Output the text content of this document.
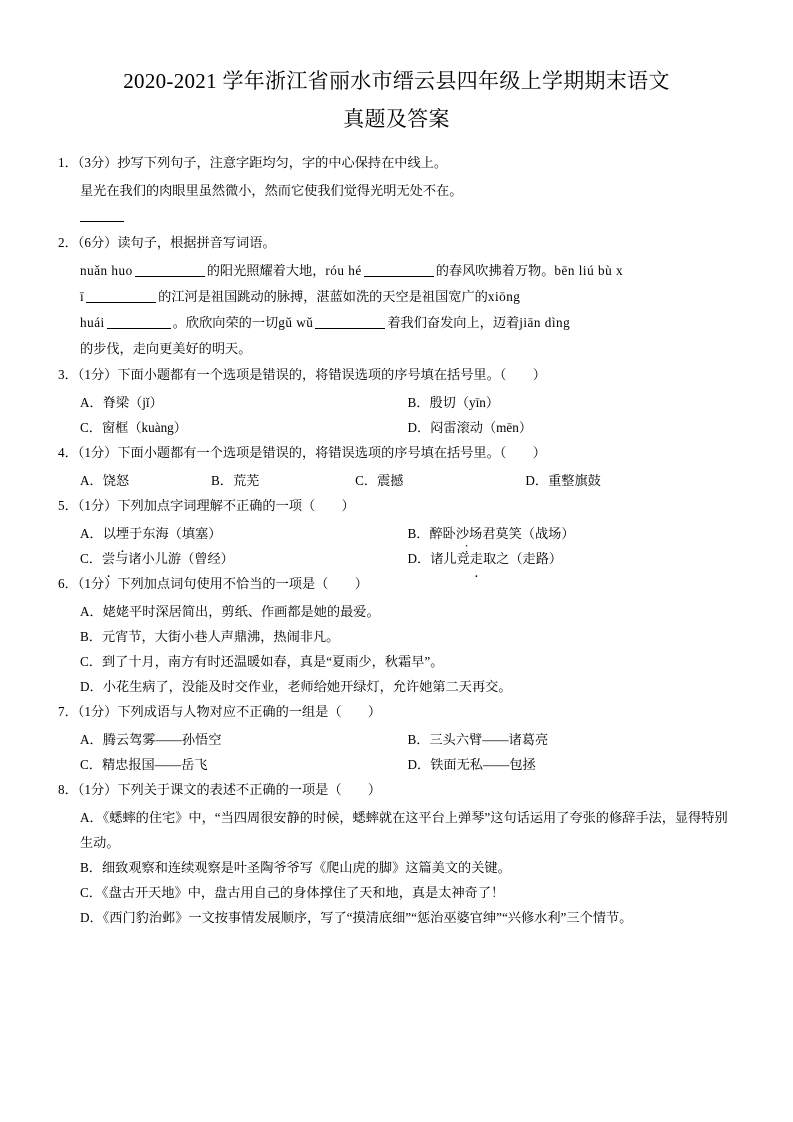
2020-2021 学年浙江省丽水市缙云县四年级上学期期末语文
真题及答案
1．（3分）抄写下列句子，注意字距均匀，字的中心保持在中线上。
星光在我们的肉眼里虽然微小，然而它使我们觉得光明无处不在。
2．（6分）读句子，根据拼音写词语。
nuǎn huo	的阳光照耀着大地，róu hé	的春风吹拂着万物。bēn liú bù x
ī	的江河是祖国跳动的脉搏，湛蓝如洗的天空是祖国宽广的xiōng
huái	。欣欣向荣的一切gǔ wǔ	着我们奋发向上，迈着jiān dìng
的步伐，走向更美好的明天。
3．（1分）下面小题都有一个选项是错误的，将错误选项的序号填在括号里。（　　）
A．脊梁（jǐ）	B．殷切（yīn）
C．窗框（kuàng）	D．闷雷滚动（mēn）
4．（1分）下面小题都有一个选项是错误的，将错误选项的序号填在括号里。（　　）
A．饶怒	B．荒芜	C．震撼	D．重整旗鼓
5．（1分）下列加点字词理解不正确的一项（　　）
A．以堙于东海（填塞）	B．醉卧沙场 · ·君莫笑（战场）
C．尝与诸小儿游（曾经）	D．诸儿竞走取之（走路）
6．（1分）下列加点词句使用不恰当的一项是（　　）
A．姥姥平时深居简出，剪纸、作画都是她的最爱。
B．元宵节，大街小巷人声鼎沸，热闹非凡。
C．到了十月，南方有时还温暖如春，真是“夏雨少，秋霜早”。
D．小花生病了，没能及时交作业，老师给她开绿灯，允许她第二天再交。
7．（1分）下列成语与人物对应不正确的一组是（　　）
A．腾云驾雾——孙悟空	B．三头六臂——诸葛亮
C．精忠报国——岳飞	D．铁面无私——包拯
8．（1分）下列关于课文的表述不正确的一项是（　　）
A．《蟋蟀的住宅》中，“当四周很安静的时候，蟋蟀就在这平台上弹琴”这句话运用了夸张的修辞手法，显得特别生动。
B．细致观察和连续观察是叶圣陶爷爷写《爬山虎的脚》这篇美文的关键。
C．《盘古开天地》中，盘古用自己的身体撑住了天和地，真是太神奇了！
D．《西门豹治邺》一文按事情发展顺序，写了“摸清底细”“惩治巫婆官绅”“兴修水利”三个情节。
